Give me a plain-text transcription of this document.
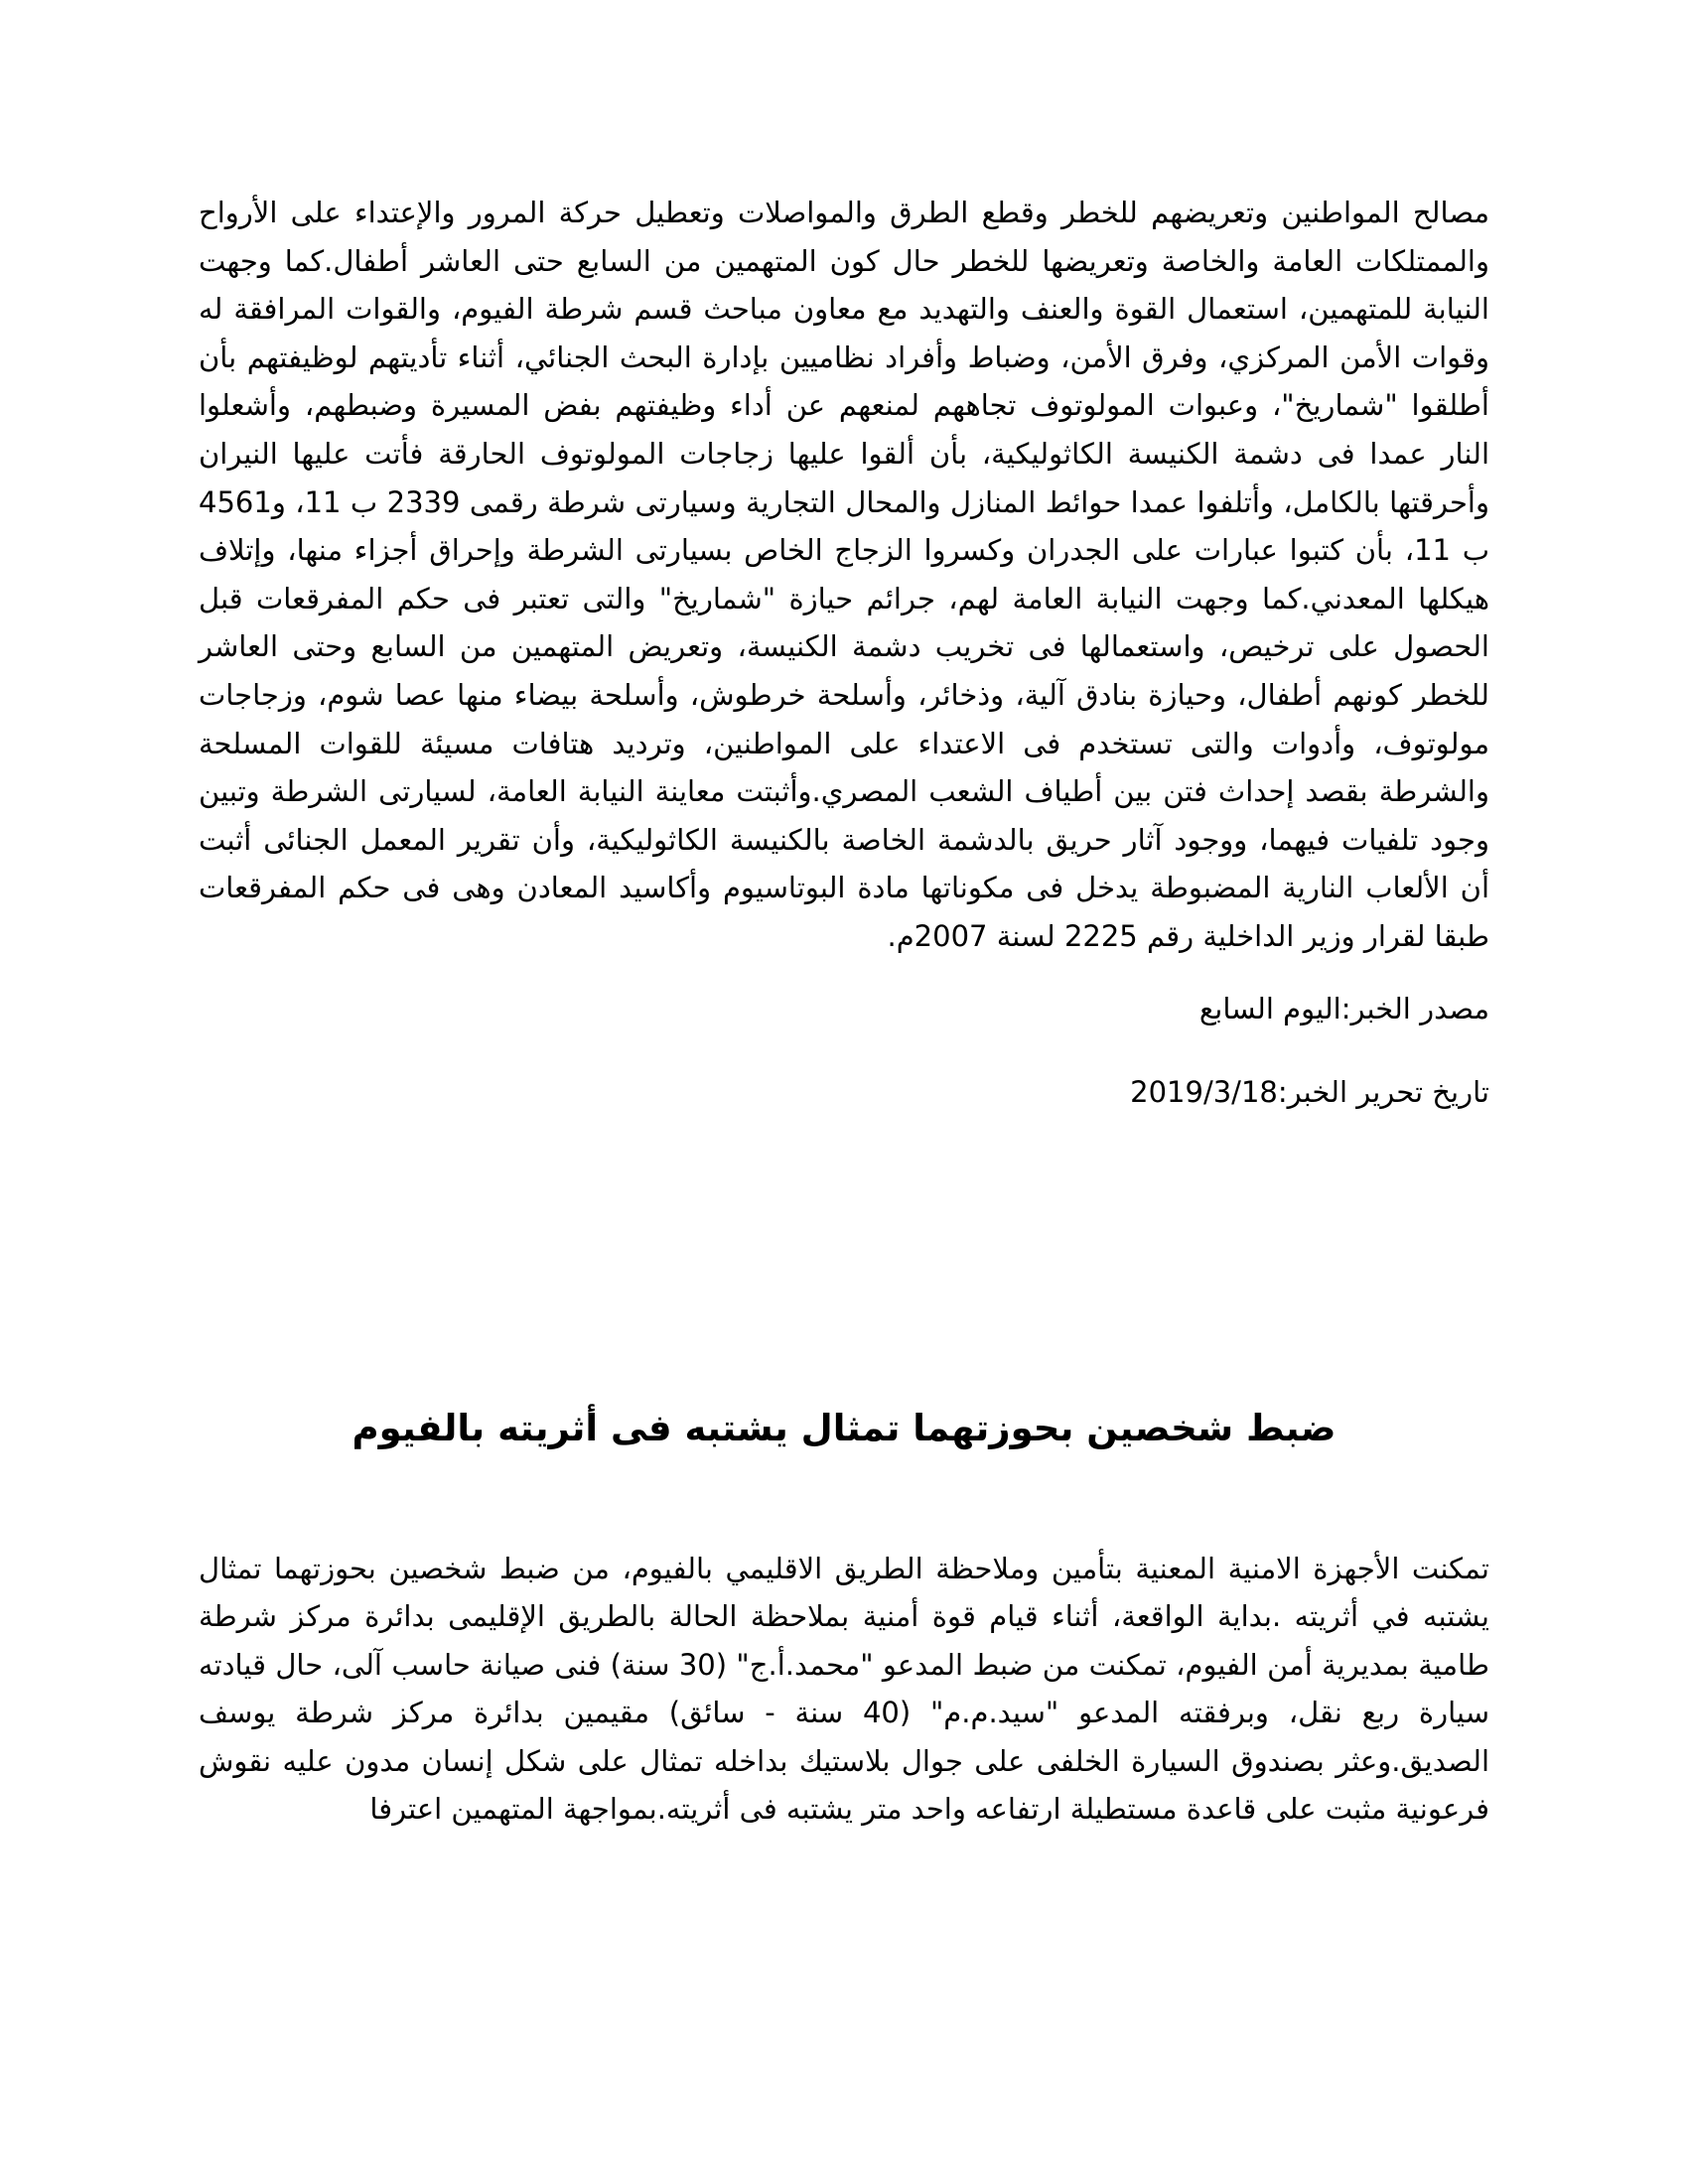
مصالح المواطنين وتعريضهم للخطر وقطع الطرق والمواصلات وتعطيل حركة المرور والإعتداء على الأرواح والممتلكات العامة والخاصة وتعريضها للخطر حال كون المتهمين من السابع حتى العاشر أطفال.كما وجهت النيابة للمتهمين، استعمال القوة والعنف والتهديد مع معاون مباحث قسم شرطة الفيوم، والقوات المرافقة له وقوات الأمن المركزي، وفرق الأمن، وضباط وأفراد نظاميين بإدارة البحث الجنائي، أثناء تأديتهم لوظيفتهم بأن أطلقوا "شماريخ"، وعبوات المولوتوف تجاههم لمنعهم عن أداء وظيفتهم بفض المسيرة وضبطهم، وأشعلوا النار عمدا فى دشمة الكنيسة الكاثوليكية، بأن ألقوا عليها زجاجات المولوتوف الحارقة فأتت عليها النيران وأحرقتها بالكامل، وأتلفوا عمدا حوائط المنازل والمحال التجارية وسيارتى شرطة رقمى 2339 ب 11، و4561 ب 11، بأن كتبوا عبارات على الجدران وكسروا الزجاج الخاص بسيارتى الشرطة وإحراق أجزاء منها، وإتلاف هيكلها المعدني.كما وجهت النيابة العامة لهم، جرائم حيازة "شماريخ" والتى تعتبر فى حكم المفرقعات قبل الحصول على ترخيص، واستعمالها فى تخريب دشمة الكنيسة، وتعريض المتهمين من السابع وحتى العاشر للخطر كونهم أطفال، وحيازة بنادق آلية، وذخائر، وأسلحة خرطوش، وأسلحة بيضاء منها عصا شوم، وزجاجات مولوتوف، وأدوات والتى تستخدم فى الاعتداء على المواطنين، وترديد هتافات مسيئة للقوات المسلحة والشرطة بقصد إحداث فتن بين أطياف الشعب المصري.وأثبتت معاينة النيابة العامة، لسيارتى الشرطة وتبين وجود تلفيات فيهما، ووجود آثار حريق بالدشمة الخاصة بالكنيسة الكاثوليكية، وأن تقرير المعمل الجنائى أثبت أن الألعاب النارية المضبوطة يدخل فى مكوناتها مادة البوتاسيوم وأكاسيد المعادن وهى فى حكم المفرقعات طبقا لقرار وزير الداخلية رقم 2225 لسنة 2007م.

مصدر الخبر:اليوم السابع

تاريخ تحرير الخبر:2019/3/18

ضبط شخصين بحوزتهما تمثال يشتبه فى أثريته بالفيوم

تمكنت الأجهزة الامنية المعنية بتأمين وملاحظة الطريق الاقليمي بالفيوم، من ضبط شخصين بحوزتهما تمثال يشتبه في أثريته .بداية الواقعة، أثناء قيام قوة أمنية بملاحظة الحالة بالطريق الإقليمى بدائرة مركز شرطة طامية بمديرية أمن الفيوم، تمكنت من ضبط المدعو "محمد.أ.ج" (30 سنة) فنى صيانة حاسب آلى، حال قيادته سيارة ربع نقل، وبرفقته المدعو "سيد.م.م" (40 سنة - سائق) مقيمين بدائرة مركز شرطة يوسف الصديق.وعثر بصندوق السيارة الخلفى على جوال بلاستيك بداخله تمثال على شكل إنسان مدون عليه نقوش فرعونية مثبت على قاعدة مستطيلة ارتفاعه واحد متر يشتبه فى أثريته.بمواجهة المتهمين اعترفا
